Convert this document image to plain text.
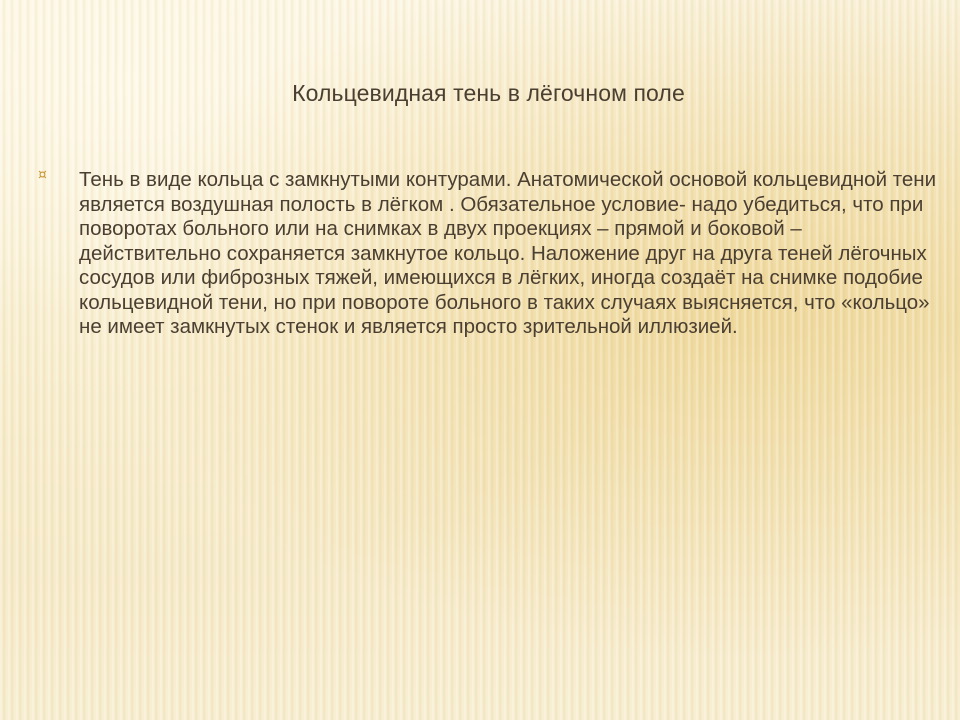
Кольцевидная тень в лёгочном поле
¤ Тень в виде кольца с замкнутыми контурами. Анатомической основой кольцевидной тени является воздушная полость в лёгком . Обязательное условие- надо убедиться, что при поворотах больного или на снимках в двух проекциях – прямой и боковой – действительно сохраняется замкнутое кольцо. Наложение друг на друга теней лёгочных сосудов или фиброзных тяжей, имеющихся в лёгких, иногда создаёт на снимке подобие кольцевидной тени, но при повороте больного в таких случаях выясняется, что «кольцо» не имеет замкнутых стенок и является просто зрительной иллюзией.
